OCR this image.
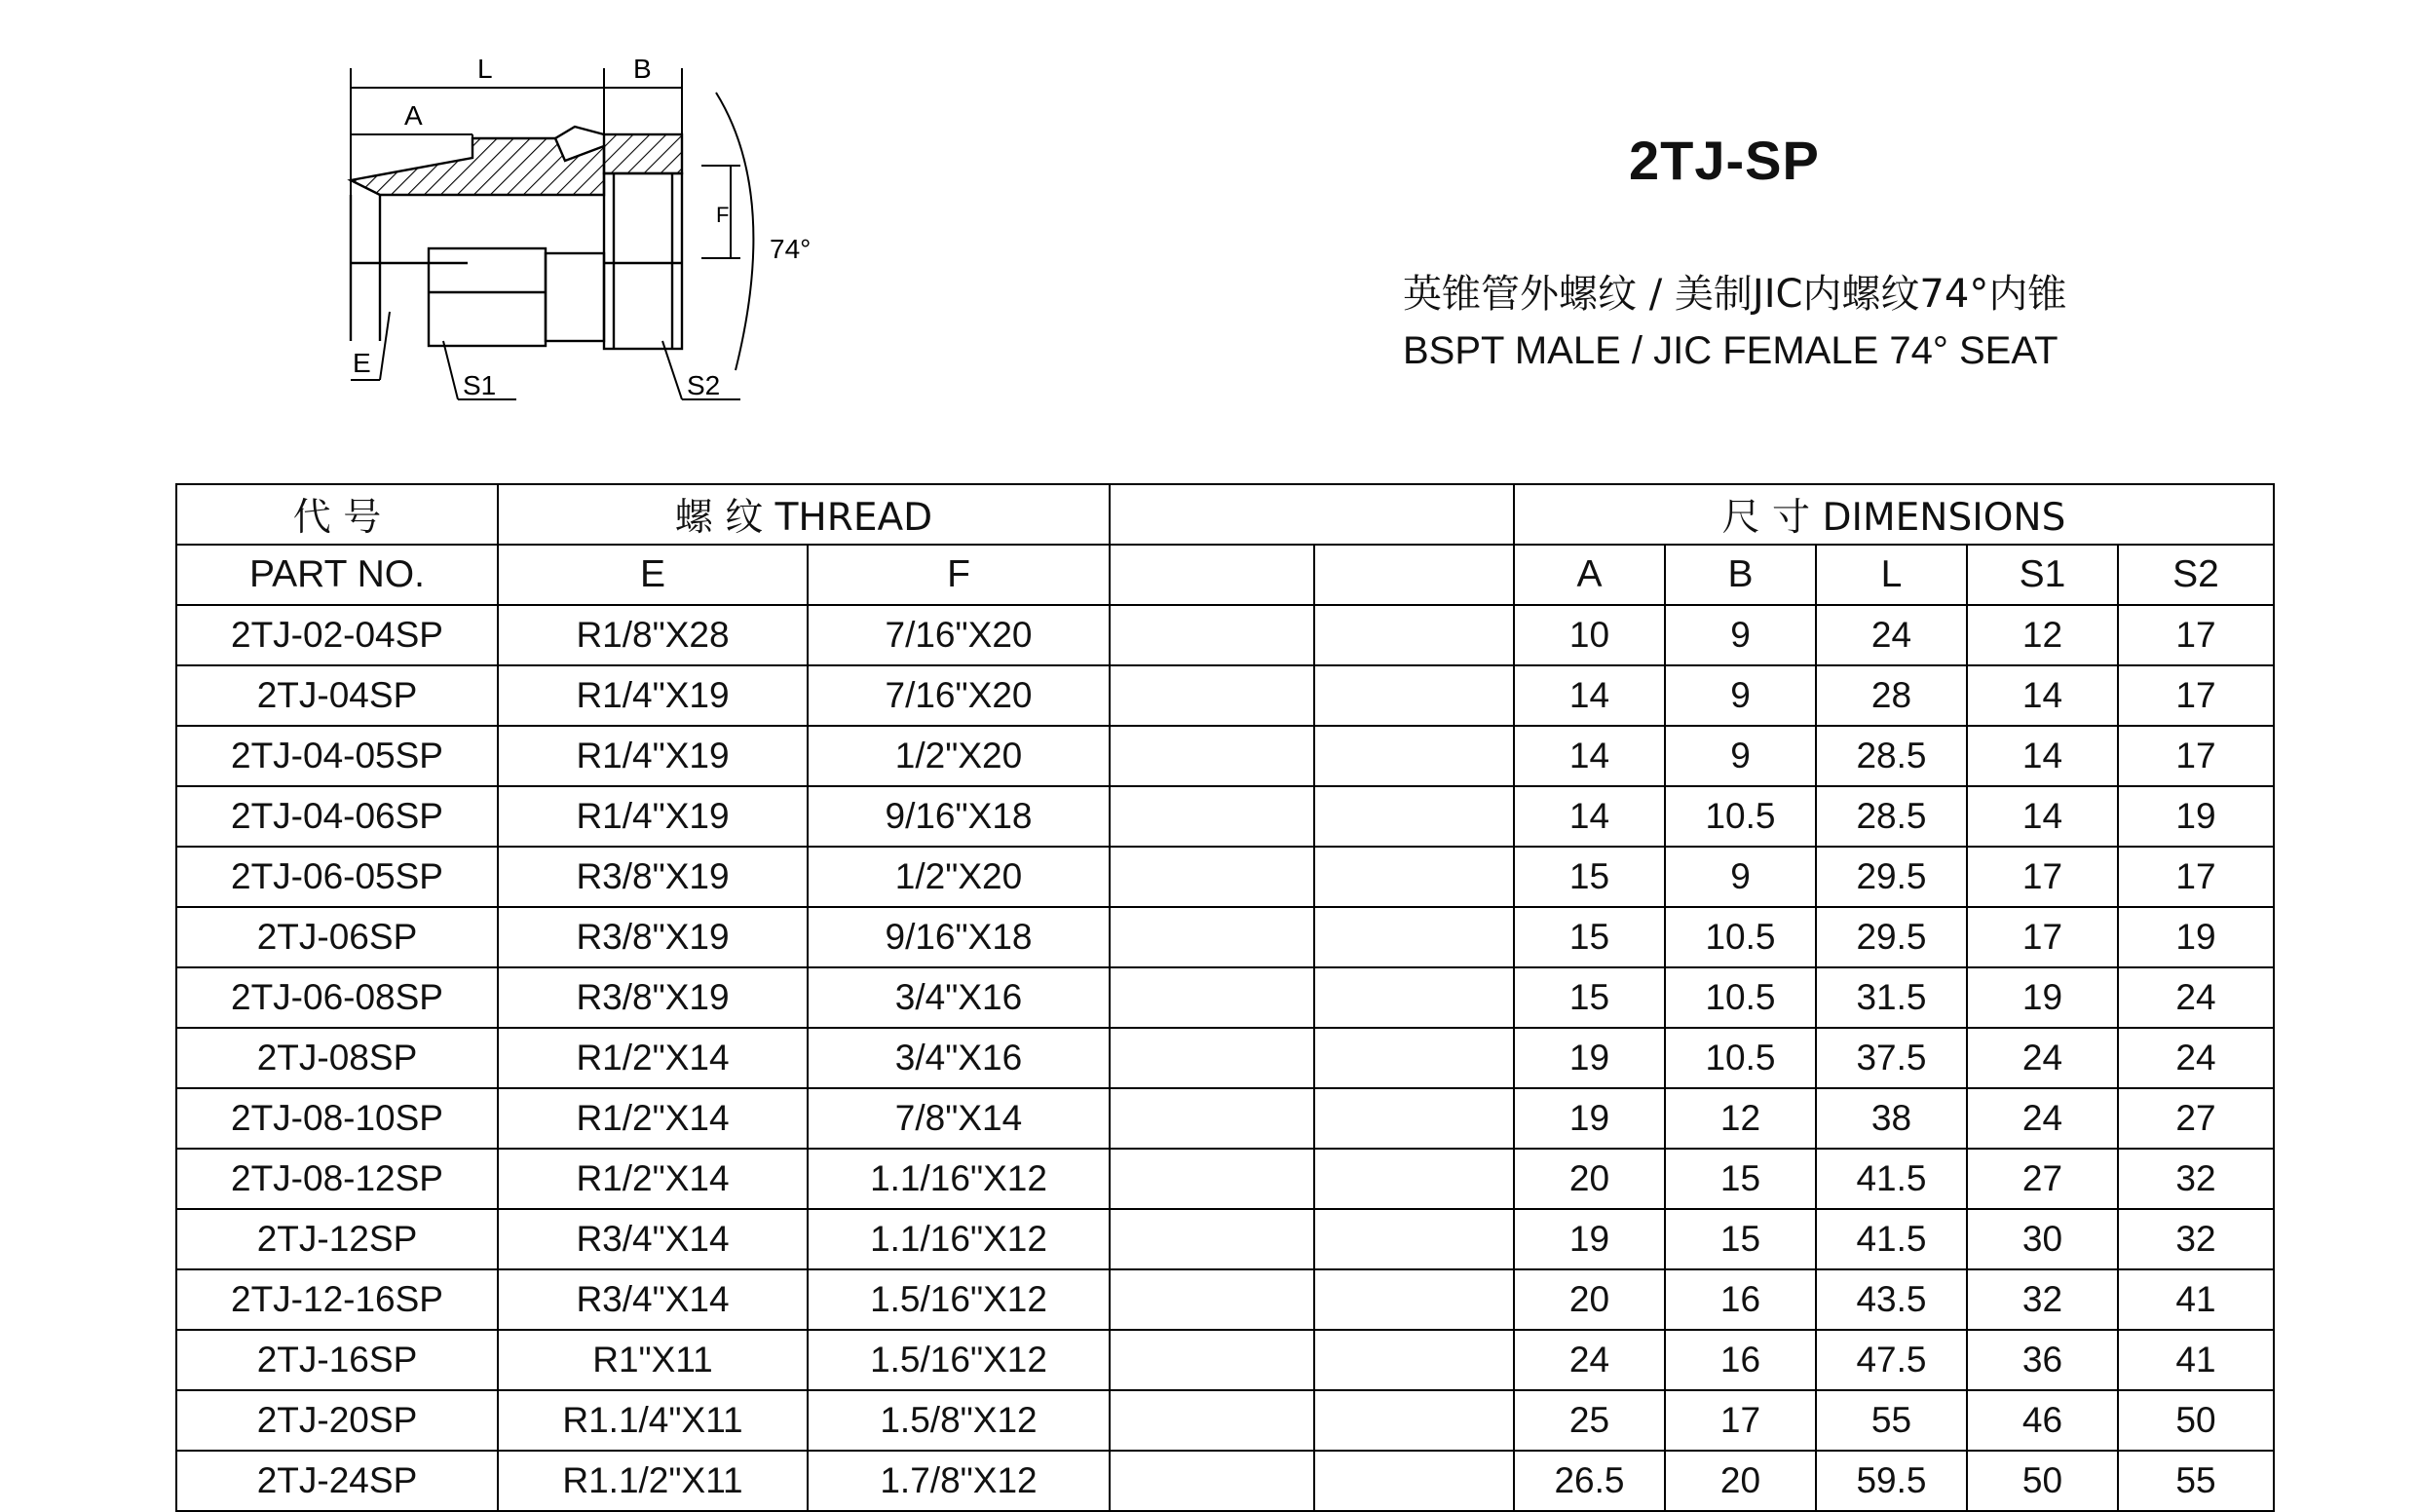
L	B
A
E
F
S1	S2
74°
2TJ-SP
英锥管外螺纹 / 美制JIC内螺纹74°内锥
BSPT MALE / JIC FEMALE 74° SEAT
代 号	螺 纹 THREAD				尺 寸 DIMENSIONS				
PART NO.	E	F			A	B	L	S1	S2
2TJ-02-04SP	R1/8"X28	7/16"X20			10	9	24	12	17
2TJ-04SP	R1/4"X19	7/16"X20			14	9	28	14	17
2TJ-04-05SP	R1/4"X19	1/2"X20			14	9	28.5	14	17
2TJ-04-06SP	R1/4"X19	9/16"X18			14	10.5	28.5	14	19
2TJ-06-05SP	R3/8"X19	1/2"X20			15	9	29.5	17	17
2TJ-06SP	R3/8"X19	9/16"X18			15	10.5	29.5	17	19
2TJ-06-08SP	R3/8"X19	3/4"X16			15	10.5	31.5	19	24
2TJ-08SP	R1/2"X14	3/4"X16			19	10.5	37.5	24	24
2TJ-08-10SP	R1/2"X14	7/8"X14			19	12	38	24	27
2TJ-08-12SP	R1/2"X14	1.1/16"X12			20	15	41.5	27	32
2TJ-12SP	R3/4"X14	1.1/16"X12			19	15	41.5	30	32
2TJ-12-16SP	R3/4"X14	1.5/16"X12			20	16	43.5	32	41
2TJ-16SP	R1"X11	1.5/16"X12			24	16	47.5	36	41
2TJ-20SP	R1.1/4"X11	1.5/8"X12			25	17	55	46	50
2TJ-24SP	R1.1/2"X11	1.7/8"X12			26.5	20	59.5	50	55
